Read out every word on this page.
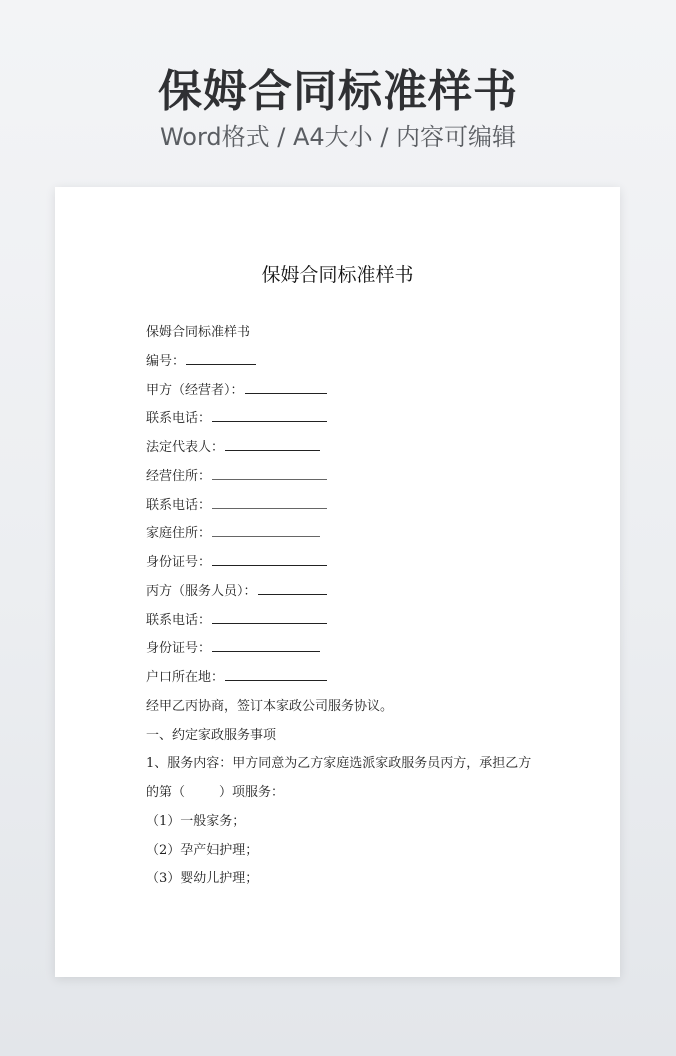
保姆合同标准样书
Word格式 / A4大小 / 内容可编辑
保姆合同标准样书
保姆合同标准样书
编号：
甲方（经营者）：
联系电话：
法定代表人：
经营住所：
联系电话：
家庭住所：
身份证号：
丙方（服务人员）：
联系电话：
身份证号：
户口所在地：
经甲乙丙协商，签订本家政公司服务协议。
一、约定家政服务事项
1、服务内容：甲方同意为乙方家庭选派家政服务员丙方，承担乙方
的第（	）项服务：
（1）一般家务；
（2）孕产妇护理；
（3）婴幼儿护理；
